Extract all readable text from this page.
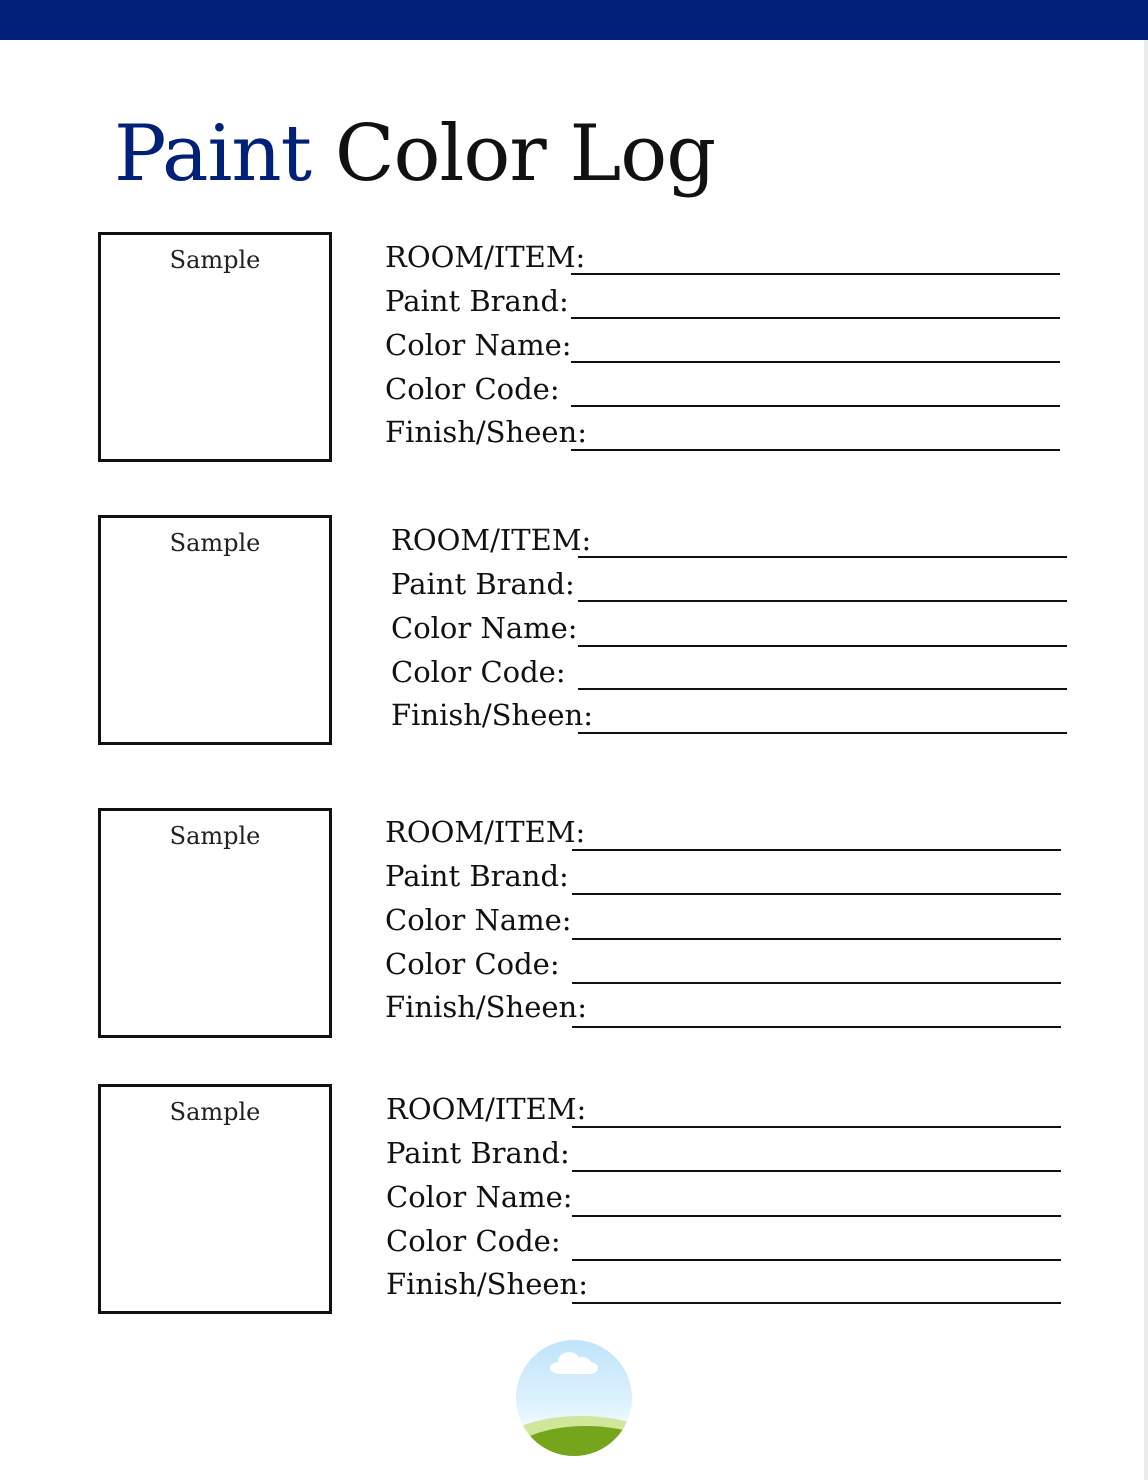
Paint Color Log
Sample	ROOM/ITEM:
Paint Brand:
Color Name:
Color Code:
Finish/Sheen:
Sample	ROOM/ITEM:
Paint Brand:
Color Name:
Color Code:
Finish/Sheen:
Sample	ROOM/ITEM:
Paint Brand:
Color Name:
Color Code:
Finish/Sheen:
Sample	ROOM/ITEM:
Paint Brand:
Color Name:
Color Code:
Finish/Sheen:
